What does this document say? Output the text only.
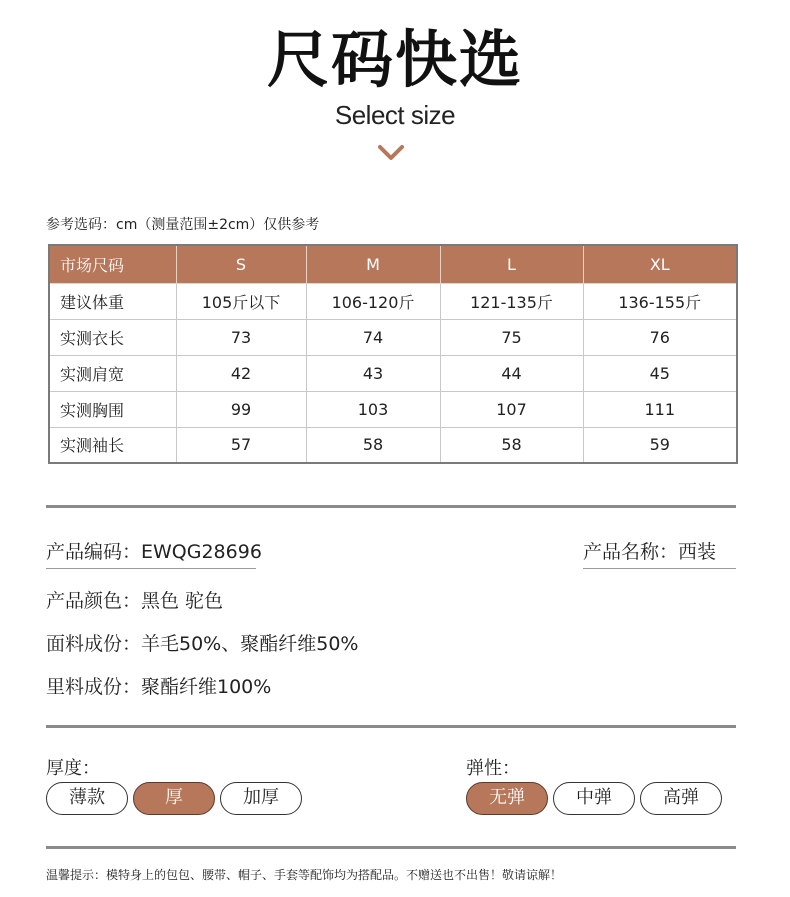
尺码快选
Select size
参考选码：cm（测量范围±2cm）仅供参考
市场尺码	S	M	L	XL
建议体重	105斤以下	106-120斤	121-135斤	136-155斤
实测衣长	73	74	75	76
实测肩宽	42	43	44	45
实测胸围	99	103	107	111
实测袖长	57	58	58	59
产品编码：EWQG28696	产品名称：西装
产品颜色：黑色 驼色
面料成份：羊毛50%、聚酯纤维50%
里料成份：聚酯纤维100%
厚度：
薄款	厚	加厚
弹性：
无弹	中弹	高弹
温馨提示：模特身上的包包、腰带、帽子、手套等配饰均为搭配品。不赠送也不出售！敬请谅解！
